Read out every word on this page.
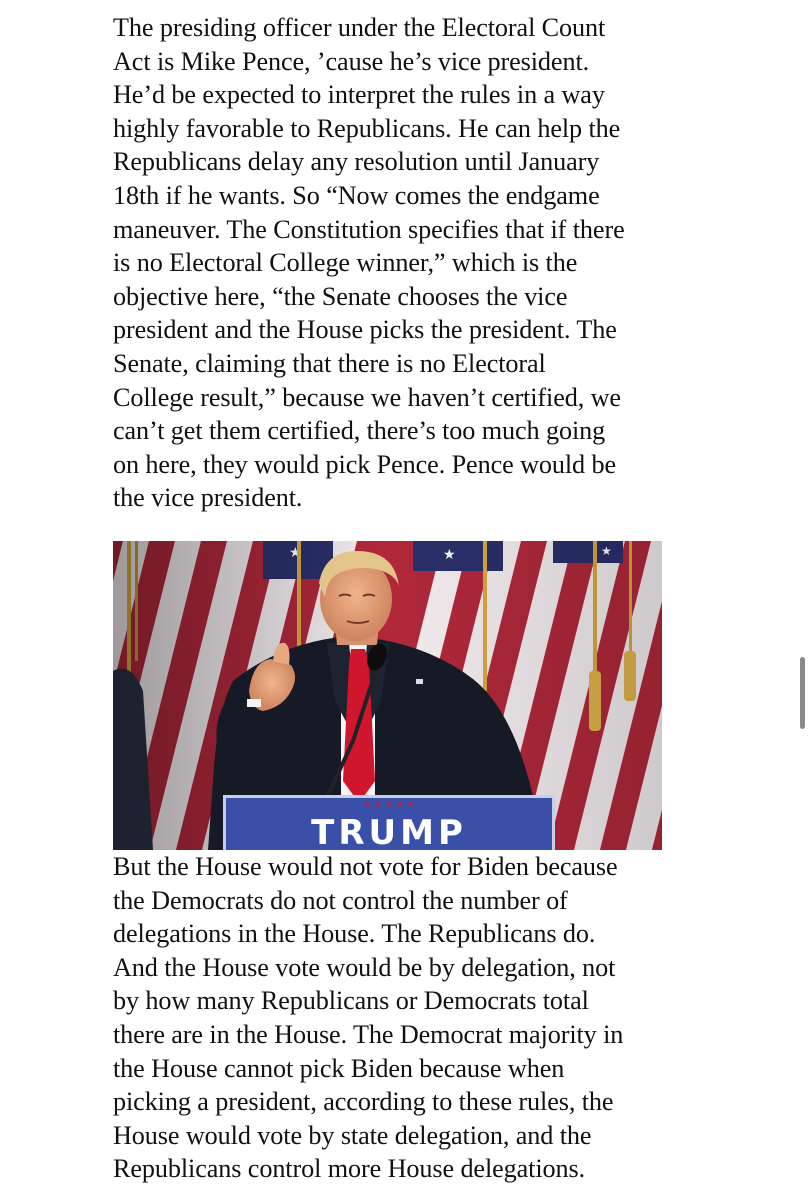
The presiding officer under the Electoral Count
Act is Mike Pence, ’cause he’s vice president.
He’d be expected to interpret the rules in a way
highly favorable to Republicans. He can help the
Republicans delay any resolution until January
18th if he wants. So “Now comes the endgame
maneuver. The Constitution specifies that if there
is no Electoral College winner,” which is the
objective here, “the Senate chooses the vice
president and the House picks the president. The
Senate, claiming that there is no Electoral
College result,” because we haven’t certified, we
can’t get them certified, there’s too much going
on here, they would pick Pence. Pence would be
the vice president.
★ ★ ★ ★ ★
TRUMP
But the House would not vote for Biden because
the Democrats do not control the number of
delegations in the House. The Republicans do.
And the House vote would be by delegation, not
by how many Republicans or Democrats total
there are in the House. The Democrat majority in
the House cannot pick Biden because when
picking a president, according to these rules, the
House would vote by state delegation, and the
Republicans control more House delegations.
